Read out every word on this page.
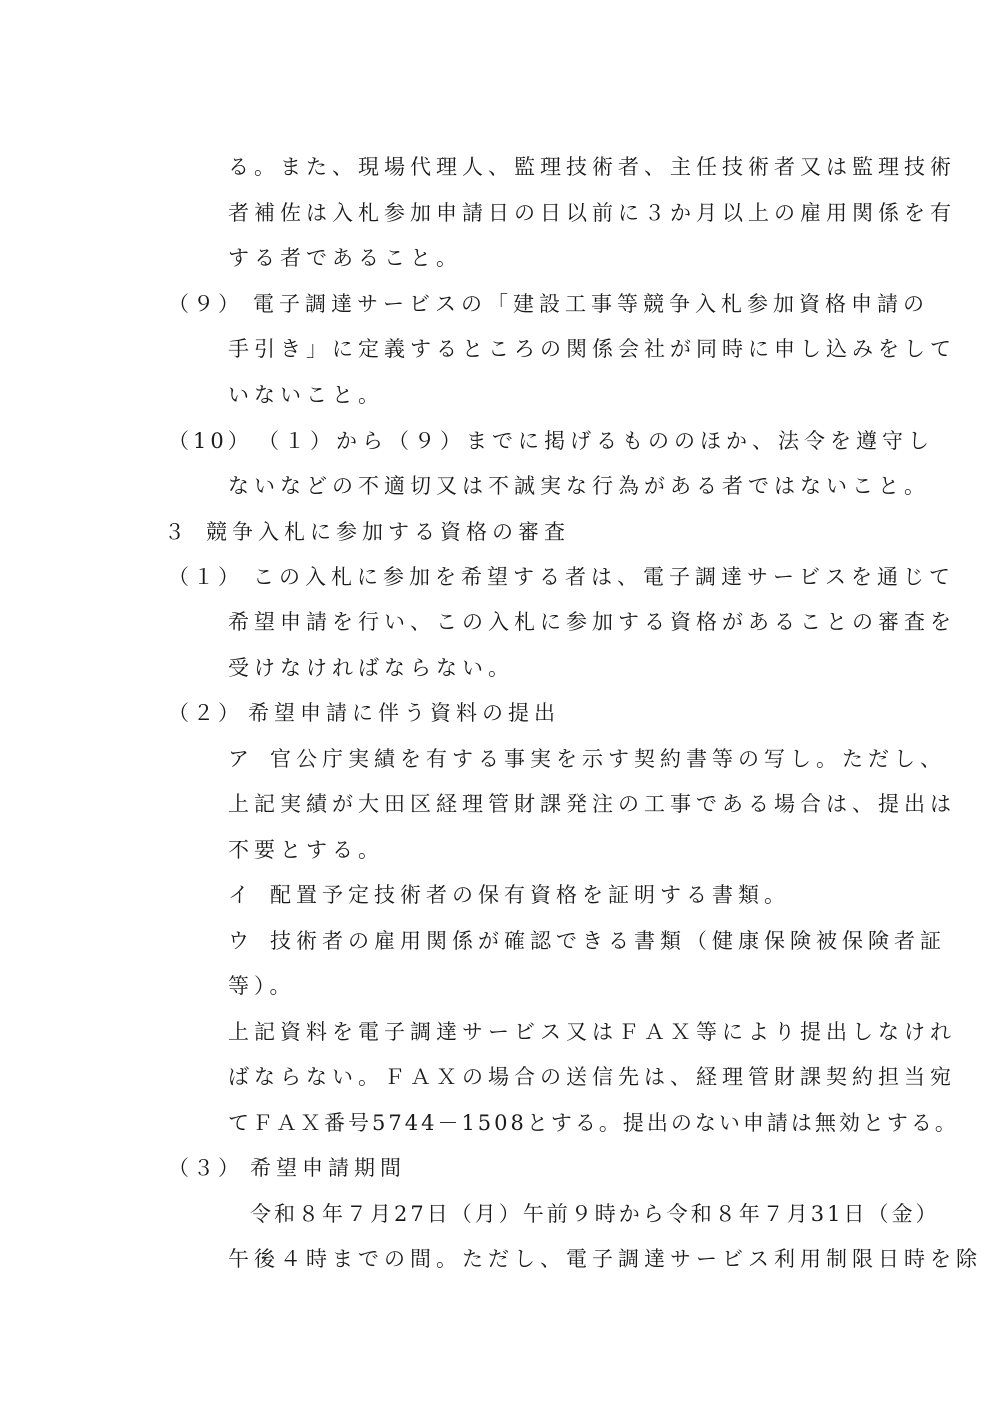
る。また、現場代理人、監理技術者、主任技術者又は監理技術
者補佐は入札参加申請日の日以前に３か月以上の雇用関係を有
する者であること。
（９） 電子調達サービスの「建設工事等競争入札参加資格申請の
手引き」に定義するところの関係会社が同時に申し込みをして
いないこと。
（10） （１）から（９）までに掲げるもののほか、法令を遵守し
ないなどの不適切又は不誠実な行為がある者ではないこと。
３ 競争入札に参加する資格の審査
（１） この入札に参加を希望する者は、電子調達サービスを通じて
希望申請を行い、この入札に参加する資格があることの審査を
受けなければならない。
（２） 希望申請に伴う資料の提出
ア 官公庁実績を有する事実を示す契約書等の写し。ただし、
上記実績が大田区経理管財課発注の工事である場合は、提出は
不要とする。
イ 配置予定技術者の保有資格を証明する書類。
ウ 技術者の雇用関係が確認できる書類（健康保険被保険者証
等）。
上記資料を電子調達サービス又はＦＡＸ等により提出しなけれ
ばならない。ＦＡＸの場合の送信先は、経理管財課契約担当宛
てＦＡＸ番号5744－1508とする。提出のない申請は無効とする。
（３） 希望申請期間
令和８年７月27日（月）午前９時から令和８年７月31日（金）
午後４時までの間。ただし、電子調達サービス利用制限日時を除
